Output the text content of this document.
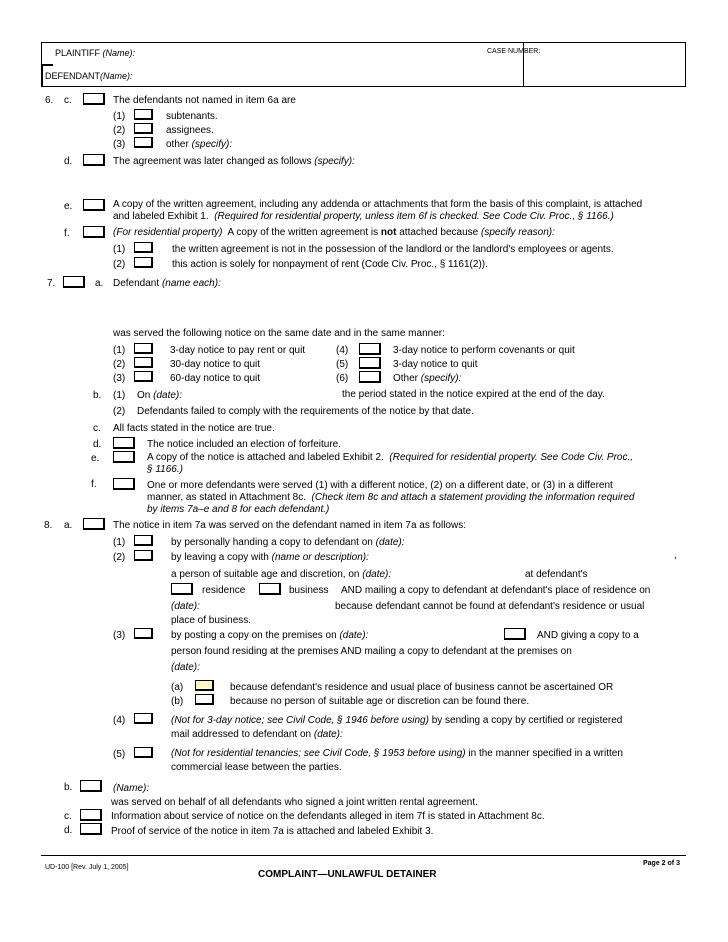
PLAINTIFF (Name):
DEFENDANT(Name):
CASE NUMBER:
6. c.	The defendants not named in item 6a are
(1)	subtenants.
(2)	assignees.
(3)	other (specify):
d.	The agreement was later changed as follows (specify):
e.	A copy of the written agreement, including any addenda or attachments that form the basis of this complaint, is attached
and labeled Exhibit 1. (Required for residential property, unless item 6f is checked. See Code Civ. Proc., § 1166.)
f.	(For residential property) A copy of the written agreement is not attached because (specify reason):
(1)	the written agreement is not in the possession of the landlord or the landlord's employees or agents.
(2)	this action is solely for nonpayment of rent (Code Civ. Proc., § 1161(2)).
7.	a. Defendant (name each):
was served the following notice on the same date and in the same manner:
(1)	3-day notice to pay rent or quit
(2)	30-day notice to quit
(3)	60-day notice to quit
(4)	3-day notice to perform covenants or quit
(5)	3-day notice to quit
(6)	Other (specify):
b. (1) On (date):	the period stated in the notice expired at the end of the day.
(2) Defendants failed to comply with the requirements of the notice by that date.
c. All facts stated in the notice are true.
d.	The notice included an election of forfeiture.
e.	A copy of the notice is attached and labeled Exhibit 2. (Required for residential property. See Code Civ. Proc.,
§ 1166.)
f.	One or more defendants were served (1) with a different notice, (2) on a different date, or (3) in a different
manner, as stated in Attachment 8c. (Check item 8c and attach a statement providing the information required
by items 7a–e and 8 for each defendant.)
8. a.	The notice in item 7a was served on the defendant named in item 7a as follows:
(1)	by personally handing a copy to defendant on (date):
(2)	by leaving a copy with (name or description):	,
a person of suitable age and discretion, on (date):	at defendant's
residence	business AND mailing a copy to defendant at defendant's place of residence on
(date):	because defendant cannot be found at defendant's residence or usual
place of business.
(3)	by posting a copy on the premises on (date):	AND giving a copy to a
person found residing at the premises AND mailing a copy to defendant at the premises on
(date):
(a)	because defendant's residence and usual place of business cannot be ascertained OR
(b)	because no person of suitable age or discretion can be found there.
(4)	(Not for 3-day notice; see Civil Code, § 1946 before using) by sending a copy by certified or registered
mail addressed to defendant on (date):
(5)	(Not for residential tenancies; see Civil Code, § 1953 before using) in the manner specified in a written
commercial lease between the parties.
b.	(Name):
was served on behalf of all defendants who signed a joint written rental agreement.
c.	Information about service of notice on the defendants alleged in item 7f is stated in Attachment 8c.
d.	Proof of service of the notice in item 7a is attached and labeled Exhibit 3.
UD-100 [Rev. July 1, 2005]
COMPLAINT—UNLAWFUL DETAINER
Page 2 of 3
